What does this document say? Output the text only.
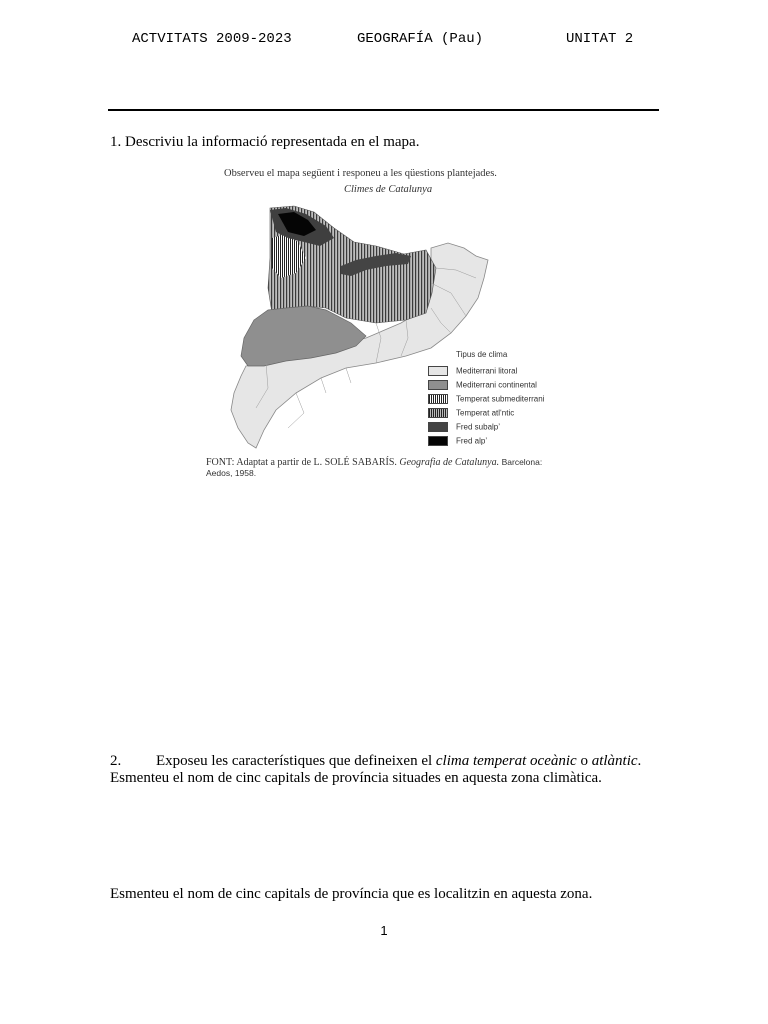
ACTVITATS 2009-2023	GEOGRAFÍA (Pau)	UNITAT 2
1. Descriviu la informació representada en el mapa.
Observeu el mapa següent i responeu a les qüestions plantejades.
Climes de Catalunya
Tipus de clima
Mediterrani litoral
Mediterrani continental
Temperat submediterrani
Temperat atl‘ntic
Fred subalp’
Fred alp’
FONT: Adaptat a partir de L. SOLÉ SABARÍS. Geografia de Catalunya. Barcelona:
Aedos, 1958.
2. Exposeu les característiques que defineixen el clima temperat oceànic o atlàntic.
Esmenteu el nom de cinc capitals de província situades en aquesta zona climàtica.
Esmenteu el nom de cinc capitals de província que es localitzin en aquesta zona.
1
